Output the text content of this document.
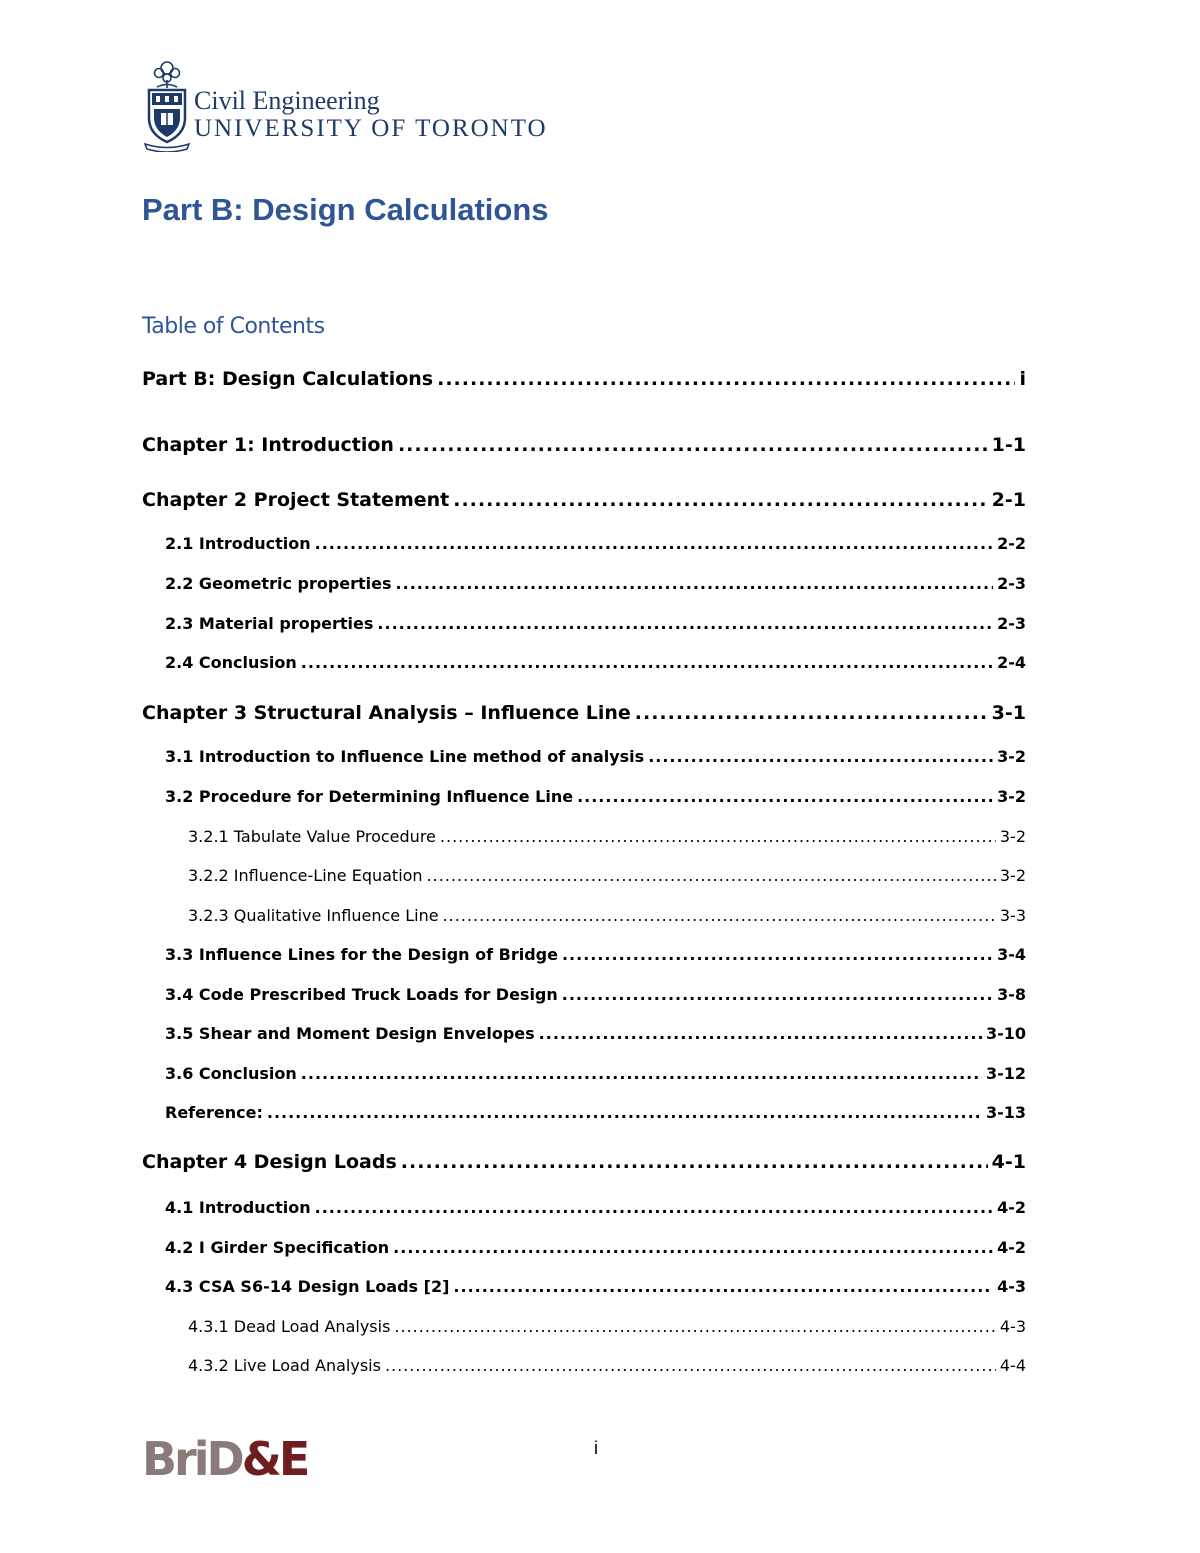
Civil Engineering
UNIVERSITY OF TORONTO
Part B: Design Calculations
Table of Contents
Part B: Design Calculations .....	i
Chapter 1: Introduction .....	1-1
Chapter 2 Project Statement .....	2-1
2.1 Introduction .....	2-2
2.2 Geometric properties .....	2-3
2.3 Material properties .....	2-3
2.4 Conclusion .....	2-4
Chapter 3 Structural Analysis – Influence Line .....	3-1
3.1 Introduction to Influence Line method of analysis .....	3-2
3.2 Procedure for Determining Influence Line .....	3-2
3.2.1 Tabulate Value Procedure .....	3-2
3.2.2 Influence-Line Equation .....	3-2
3.2.3 Qualitative Influence Line .....	3-3
3.3 Influence Lines for the Design of Bridge .....	3-4
3.4 Code Prescribed Truck Loads for Design .....	3-8
3.5 Shear and Moment Design Envelopes .....	3-10
3.6 Conclusion .....	3-12
Reference: .....	3-13
Chapter 4 Design Loads .....	4-1
4.1 Introduction .....	4-2
4.2 I Girder Specification .....	4-2
4.3 CSA S6-14 Design Loads [2] .....	4-3
4.3.1 Dead Load Analysis .....	4-3
4.3.2 Live Load Analysis .....	4-4
BriD&E	i
